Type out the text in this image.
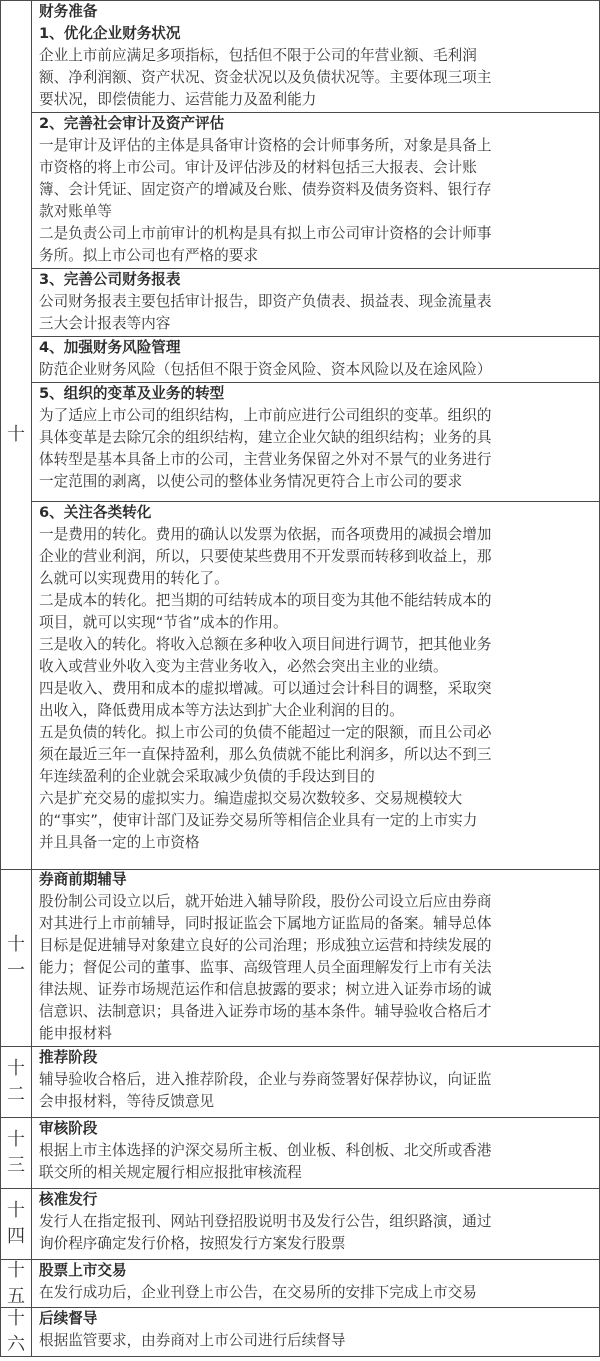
十
财务准备
1、优化企业财务状况
企业上市前应满足多项指标，包括但不限于公司的年营业额、毛利润
额、净利润额、资产状况、资金状况以及负债状况等。主要体现三项主
要状况，即偿债能力、运营能力及盈利能力
2、完善社会审计及资产评估
一是审计及评估的主体是具备审计资格的会计师事务所，对象是具备上
市资格的将上市公司。审计及评估涉及的材料包括三大报表、会计账
簿、会计凭证、固定资产的增减及台账、债券资料及债务资料、银行存
款对账单等
二是负责公司上市前审计的机构是具有拟上市公司审计资格的会计师事
务所。拟上市公司也有严格的要求
3、完善公司财务报表
公司财务报表主要包括审计报告，即资产负债表、损益表、现金流量表
三大会计报表等内容
4、加强财务风险管理
防范企业财务风险（包括但不限于资金风险、资本风险以及在途风险）
5、组织的变革及业务的转型
为了适应上市公司的组织结构，上市前应进行公司组织的变革。组织的
具体变革是去除冗余的组织结构，建立企业欠缺的组织结构；业务的具
体转型是基本具备上市的公司，主营业务保留之外对不景气的业务进行
一定范围的剥离，以使公司的整体业务情况更符合上市公司的要求
6、关注各类转化
一是费用的转化。费用的确认以发票为依据，而各项费用的减损会增加
企业的营业利润，所以，只要使某些费用不开发票而转移到收益上，那
么就可以实现费用的转化了。
二是成本的转化。把当期的可结转成本的项目变为其他不能结转成本的
项目，就可以实现“节省”成本的作用。
三是收入的转化。将收入总额在多种收入项目间进行调节，把其他业务
收入或营业外收入变为主营业务收入，必然会突出主业的业绩。
四是收入、费用和成本的虚拟增减。可以通过会计科目的调整，采取突
出收入，降低费用成本等方法达到扩大企业利润的目的。
五是负债的转化。拟上市公司的负债不能超过一定的限额，而且公司必
须在最近三年一直保持盈利，那么负债就不能比利润多，所以达不到三
年连续盈利的企业就会采取减少负债的手段达到目的
六是扩充交易的虚拟实力。编造虚拟交易次数较多、交易规模较大
的“事实”，使审计部门及证券交易所等相信企业具有一定的上市实力
并且具备一定的上市资格
十一
券商前期辅导
股份制公司设立以后，就开始进入辅导阶段，股份公司设立后应由券商
对其进行上市前辅导，同时报证监会下属地方证监局的备案。辅导总体
目标是促进辅导对象建立良好的公司治理；形成独立运营和持续发展的
能力；督促公司的董事、监事、高级管理人员全面理解发行上市有关法
律法规、证券市场规范运作和信息披露的要求；树立进入证券市场的诚
信意识、法制意识；具备进入证券市场的基本条件。辅导验收合格后才
能申报材料
十二
推荐阶段
辅导验收合格后，进入推荐阶段，企业与券商签署好保荐协议，向证监
会申报材料，等待反馈意见
十三
审核阶段
根据上市主体选择的沪深交易所主板、创业板、科创板、北交所或香港
联交所的相关规定履行相应报批审核流程
十四
核准发行
发行人在指定报刊、网站刊登招股说明书及发行公告，组织路演，通过
询价程序确定发行价格，按照发行方案发行股票
十五
股票上市交易
在发行成功后，企业刊登上市公告，在交易所的安排下完成上市交易
十六
后续督导
根据监管要求，由券商对上市公司进行后续督导
